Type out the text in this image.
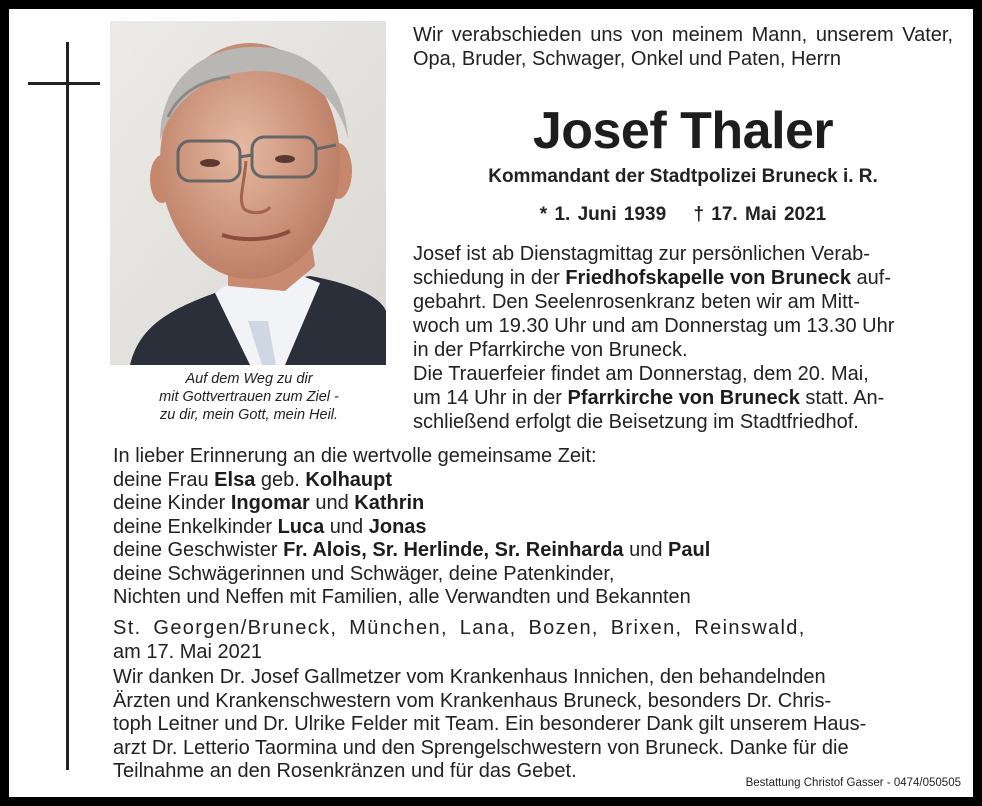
Auf dem Weg zu dir
mit Gottvertrauen zum Ziel -
zu dir, mein Gott, mein Heil.
Wir verabschieden uns von meinem Mann, unserem Vater, Opa, Bruder, Schwager, Onkel und Paten, Herrn
Josef Thaler
Kommandant der Stadtpolizei Bruneck i. R.
* 1. Juni 1939 † 17. Mai 2021
Josef ist ab Dienstagmittag zur persönlichen Verab-
schiedung in der Friedhofskapelle von Bruneck auf-
gebahrt. Den Seelenrosenkranz beten wir am Mitt-
woch um 19.30 Uhr und am Donnerstag um 13.30 Uhr
in der Pfarrkirche von Bruneck.
Die Trauerfeier findet am Donnerstag, dem 20. Mai,
um 14 Uhr in der Pfarrkirche von Bruneck statt. An-
schließend erfolgt die Beisetzung im Stadtfriedhof.
In lieber Erinnerung an die wertvolle gemeinsame Zeit:
deine Frau Elsa geb. Kolhaupt
deine Kinder Ingomar und Kathrin
deine Enkelkinder Luca und Jonas
deine Geschwister Fr. Alois, Sr. Herlinde, Sr. Reinharda und Paul
deine Schwägerinnen und Schwäger, deine Patenkinder,
Nichten und Neffen mit Familien, alle Verwandten und Bekannten
St. Georgen/Bruneck, München, Lana, Bozen, Brixen, Reinswald,
am 17. Mai 2021
Wir danken Dr. Josef Gallmetzer vom Krankenhaus Innichen, den behandelnden
Ärzten und Krankenschwestern vom Krankenhaus Bruneck, besonders Dr. Chris-
toph Leitner und Dr. Ulrike Felder mit Team. Ein besonderer Dank gilt unserem Haus-
arzt Dr. Letterio Taormina und den Sprengelschwestern von Bruneck. Danke für die
Teilnahme an den Rosenkränzen und für das Gebet.
Bestattung Christof Gasser - 0474/050505
